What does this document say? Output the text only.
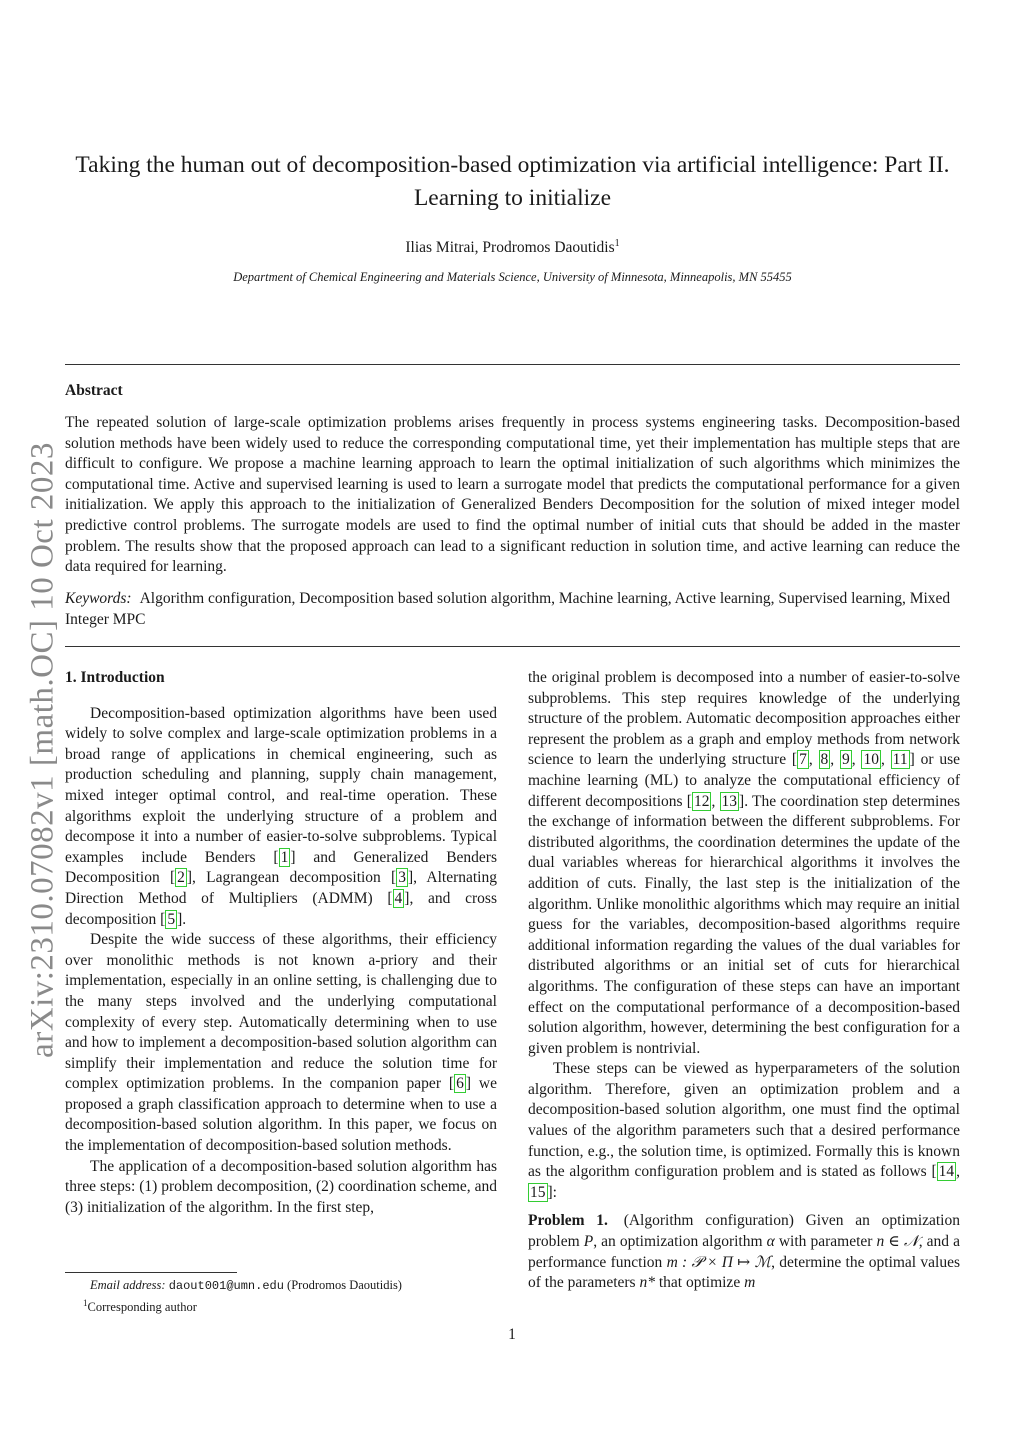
arXiv:2310.07082v1 [math.OC] 10 Oct 2023
Taking the human out of decomposition-based optimization via artificial intelligence: Part II. Learning to initialize
Ilias Mitrai, Prodromos Daoutidis$^1$
Department of Chemical Engineering and Materials Science, University of Minnesota, Minneapolis, MN 55455
Abstract
The repeated solution of large-scale optimization problems arises frequently in process systems engineering tasks. Decomposition-based solution methods have been widely used to reduce the corresponding computational time, yet their implementation has multiple steps that are difficult to configure. We propose a machine learning approach to learn the optimal initialization of such algorithms which minimizes the computational time. Active and supervised learning is used to learn a surrogate model that predicts the computational performance for a given initialization. We apply this approach to the initialization of Generalized Benders Decomposition for the solution of mixed integer model predictive control problems. The surrogate models are used to find the optimal number of initial cuts that should be added in the master problem. The results show that the proposed approach can lead to a significant reduction in solution time, and active learning can reduce the data required for learning.
Keywords: Algorithm configuration, Decomposition based solution algorithm, Machine learning, Active learning, Supervised learning, Mixed Integer MPC

1. Introduction

Decomposition-based optimization algorithms have been used widely to solve complex and large-scale optimization problems in a broad range of applications in chemical engineering, such as production scheduling and planning, supply chain management, mixed integer optimal control, and real-time operation. These algorithms exploit the underlying structure of a problem and decompose it into a number of easier-to-solve subproblems. Typical examples include Benders [ 1 ] and Generalized Benders Decomposition [ 2 ], Lagrangean decomposition [ 3 ], Alternating Direction Method of Multipliers (ADMM) [ 4 ], and cross decomposition [ 5 ].

Despite the wide success of these algorithms, their efficiency over monolithic methods is not known a-priory and their implementation, especially in an online setting, is challenging due to the many steps involved and the underlying computational complexity of every step. Automatically determining when to use and how to implement a decomposition-based solution algorithm can simplify their implementation and reduce the solution time for complex optimization problems. In the companion paper [ 6 ] we proposed a graph classification approach to determine when to use a decomposition-based solution algorithm. In this paper, we focus on the implementation of decomposition-based solution methods.

The application of a decomposition-based solution algorithm has three steps: (1) problem decomposition, (2) coordination scheme, and (3) initialization of the algorithm. In the first step,

the original problem is decomposed into a number of easier-to-solve subproblems. This step requires knowledge of the underlying structure of the problem. Automatic decomposition approaches either represent the problem as a graph and employ methods from network science to learn the underlying structure [ 7 , 8 , 9 , 10 , 11 ] or use machine learning (ML) to analyze the computational efficiency of different decompositions [ 12 , 13 ]. The coordination step determines the exchange of information between the different subproblems. For distributed algorithms, the coordination determines the update of the dual variables whereas for hierarchical algorithms it involves the addition of cuts. Finally, the last step is the initialization of the algorithm. Unlike monolithic algorithms which may require an initial guess for the variables, decomposition-based algorithms require additional information regarding the values of the dual variables for distributed algorithms or an initial set of cuts for hierarchical algorithms. The configuration of these steps can have an important effect on the computational performance of a decomposition-based solution algorithm, however, determining the best configuration for a given problem is nontrivial.

These steps can be viewed as hyperparameters of the solution algorithm. Therefore, given an optimization problem and a decomposition-based solution algorithm, one must find the optimal values of the algorithm parameters such that a desired performance function, e.g., the solution time, is optimized. Formally this is known as the algorithm configuration problem and is stated as follows [ 14 , 15 ]:

Problem 1. (Algorithm configuration) Given an optimization problem P, an optimization algorithm α with parameter n ∈ 𝒩, and a performance function m : 𝒫 × Π ↦ ℳ, determine the optimal values of the parameters n* that optimize m

Email address: daout001@umn.edu (Prodromos Daoutidis)

$^1$Corresponding author

1
